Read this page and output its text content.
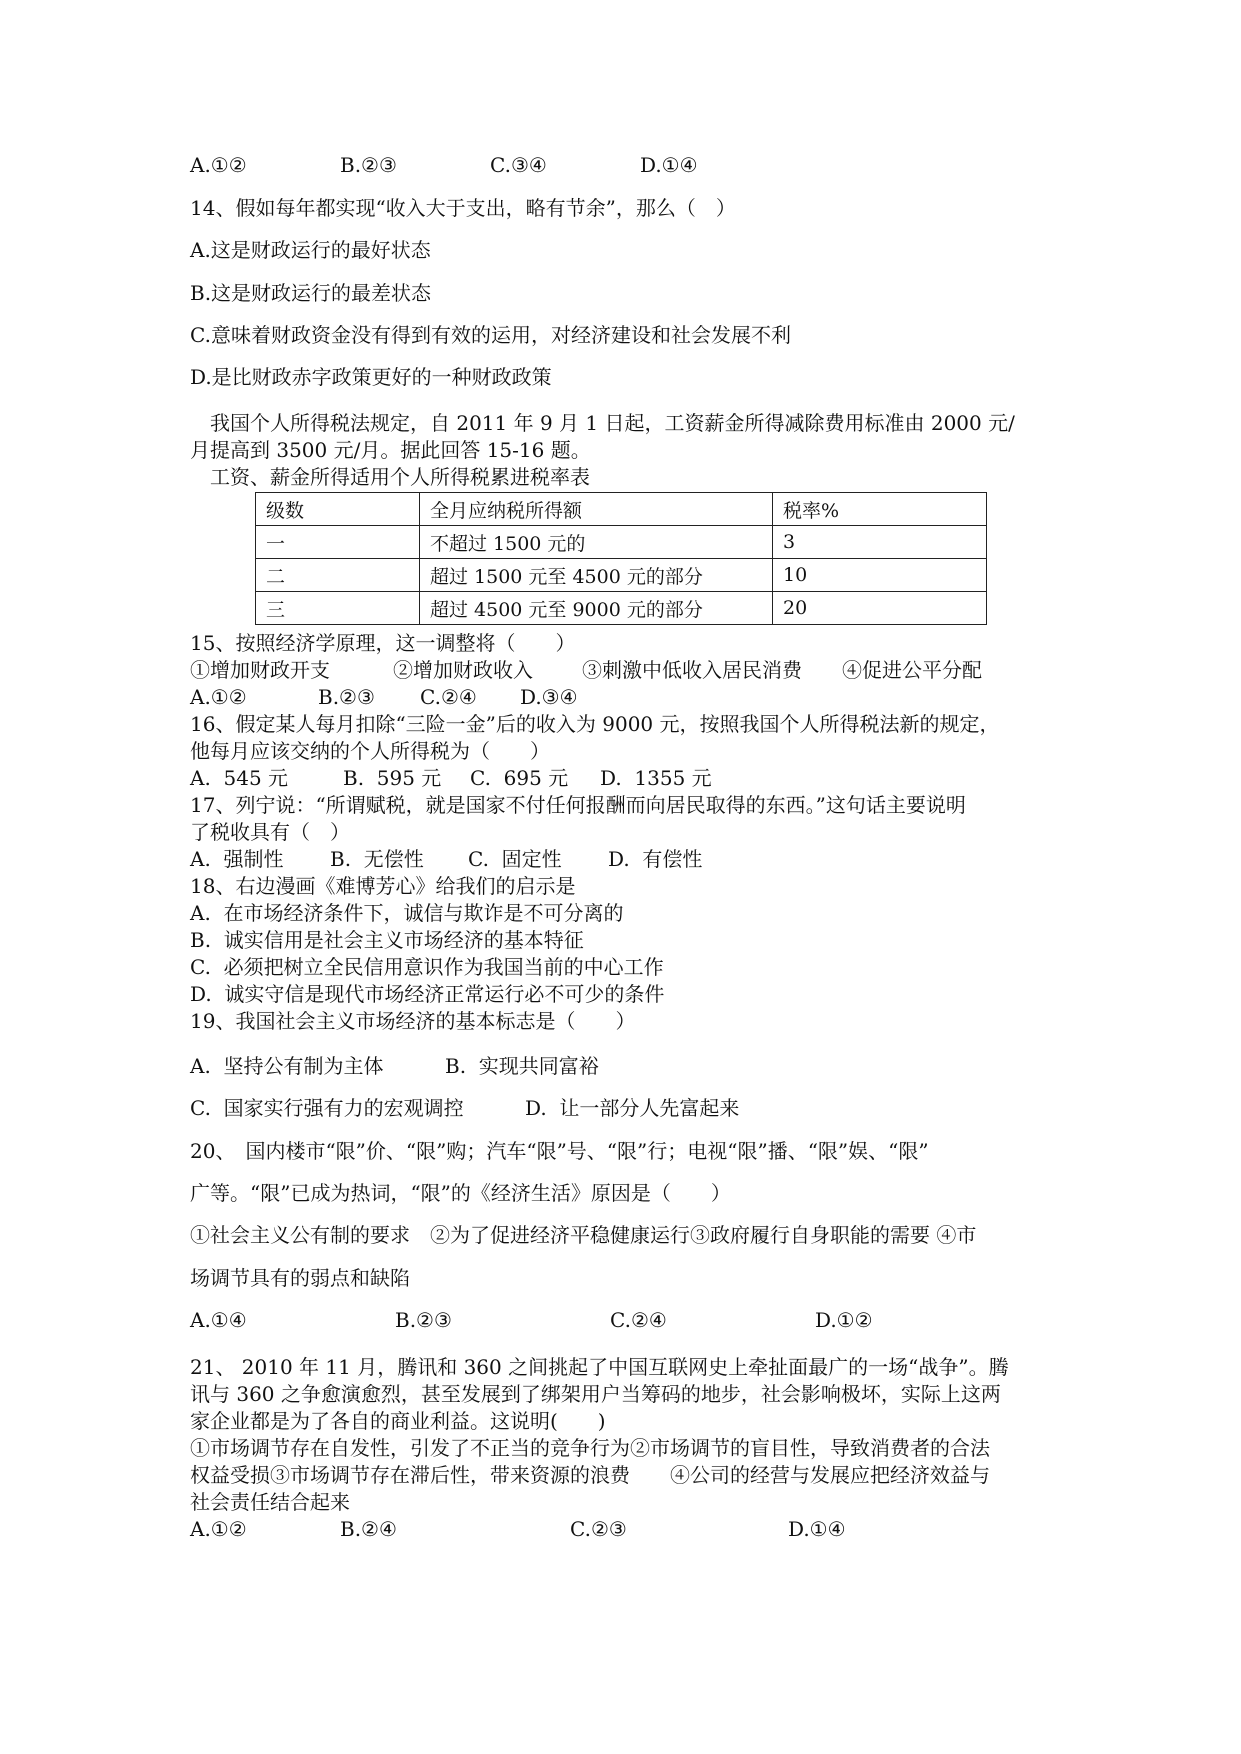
A.①②

	B.②③

	C.③④

	D.①④

14、假如每年都实现“收入大于支出，略有节余”，那么（　）
A.这是财政运行的最好状态
B.这是财政运行的最差状态
C.意味着财政资金没有得到有效的运用，对经济建设和社会发展不利
D.是比财政赤字政策更好的一种财政政策
　我国个人所得税法规定，自 2011 年 9 月 1 日起，工资薪金所得减除费用标准由 2000 元/
月提高到 3500 元/月。据此回答 15-16 题。
　工资、薪金所得适用个人所得税累进税率表
级数	全月应纳税所得额	税率%
一	不超过 1500 元的	3
二	超过 1500 元至 4500 元的部分	10
三	超过 4500 元至 9000 元的部分	20
15、按照经济学原理，这一调整将（　　）

①增加财政开支

	②增加财政收入

③刺激中低收入居民消费

④促进公平分配

A.①②

	B.②③

C.②④

D.③④

16、假定某人每月扣除“三险一金”后的收入为 9000 元，按照我国个人所得税法新的规定，
他每月应该交纳的个人所得税为（　　）

A.  545 元

	B.  595 元

C.  695 元

D.  1355 元

17、列宁说：“所谓赋税，就是国家不付任何报酬而向居民取得的东西。”这句话主要说明
了税收具有（　）

A.  强制性

B.  无偿性

C.  固定性

D.  有偿性

18、右边漫画《难博芳心》给我们的启示是
A.  在市场经济条件下，诚信与欺诈是不可分离的
B.  诚实信用是社会主义市场经济的基本特征
C.  必须把树立全民信用意识作为我国当前的中心工作
D.  诚实守信是现代市场经济正常运行必不可少的条件
19、我国社会主义市场经济的基本标志是（　　）

A.  坚持公有制为主体

	B.  实现共同富裕

C.  国家实行强有力的宏观调控

	D.  让一部分人先富起来

20、　国内楼市“限”价、“限”购；汽车“限”号、“限”行；电视“限”播、“限”娱、“限”
广等。“限”已成为热词，“限”的《经济生活》原因是（　　）
①社会主义公有制的要求　②为了促进经济平稳健康运行③政府履行自身职能的需要 ④市
场调节具有的弱点和缺陷

A.①④

	B.②③

	C.②④

	D.①②

21、 2010 年 11 月，腾讯和 360 之间挑起了中国互联网史上牵扯面最广的一场“战争”。腾
讯与 360 之争愈演愈烈，甚至发展到了绑架用户当筹码的地步，社会影响极坏，实际上这两
家企业都是为了各自的商业利益。这说明(　　)
①市场调节存在自发性，引发了不正当的竞争行为②市场调节的盲目性，导致消费者的合法
权益受损③市场调节存在滞后性，带来资源的浪费　　④公司的经营与发展应把经济效益与
社会责任结合起来

A.①②

	B.②④

	C.②③

	D.①④
